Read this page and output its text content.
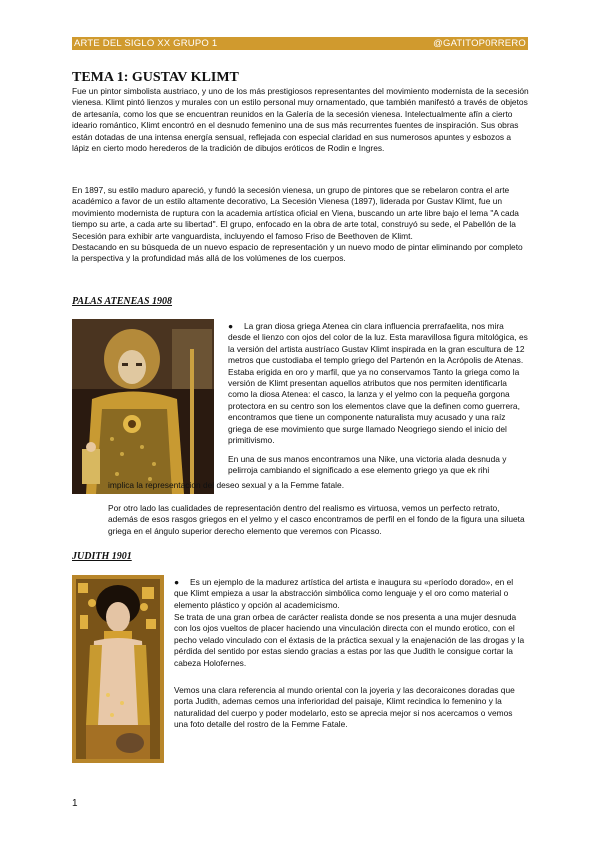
ARTE DEL SIGLO XX GRUPO 1	@GATITOP0RRERO
TEMA 1: GUSTAV KLIMT

Fue un pintor simbolista austriaco, y uno de los más prestigiosos representantes del movimiento modernista de la secesión vienesa. Klimt pintó lienzos y murales con un estilo personal muy ornamentado, que también manifestó a través de objetos de artesanía, como los que se encuentran reunidos en la Galería de la secesión vienesa. Intelectualmente afín a cierto ideario romántico, Klimt encontró en el desnudo femenino una de sus más recurrentes fuentes de inspiración. Sus obras están dotadas de una intensa energía sensual, reflejada con especial claridad en sus numerosos apuntes y esbozos a lápiz en cierto modo herederos de la tradición de dibujos eróticos de Rodin e Ingres.

En 1897, su estilo maduro apareció, y fundó la secesión vienesa, un grupo de pintores que se rebelaron contra el arte académico a favor de un estilo altamente decorativo, La Secesión Vienesa (1897), liderada por Gustav Klimt, fue un movimiento modernista de ruptura con la academia artística oficial en Viena, buscando un arte libre bajo el lema "A cada tiempo su arte, a cada arte su libertad". El grupo, enfocado en la obra de arte total, construyó su sede, el Pabellón de la Secesión para exhibir arte vanguardista, incluyendo el famoso Friso de Beethoven de Klimt.
Destacando en su búsqueda de un nuevo espacio de representación y un nuevo modo de pintar eliminando por completo la perspectiva y la profundidad más allá de los volúmenes de los cuerpos.
PALAS ATENEAS 1908

● La gran diosa griega Atenea cin clara influencia prerrafaelita, nos mira desde el lienzo con ojos del color de la luz. Esta maravillosa figura mitológica, es la versión del artista austríaco Gustav Klimt inspirada en la gran escultura de 12 metros que custodiaba el templo griego del Partenón en la Acrópolis de Atenas. Estaba erigida en oro y marfil, que ya no conservamos Tanto la griega como la versión de Klimt presentan aquellos atributos que nos permiten identificarla como la diosa Atenea: el casco, la lanza y el yelmo con la pequeña gorgona protectora en su centro son los elementos clave que la definen como guerrera, encontramos que tiene un componente naturalista muy acusado y una raíz griega de ese movimiento que surge llamado Neogriego siendo el inicio del primitivismo.

En una de sus manos encontramos una Nike, una victoria alada desnuda y pelirroja cambiando el significado a ese elemento griego ya que ek rihi

implica la representacion del deseo sexual y a la Femme fatale.

Por otro lado las cualidades de representación dentro del realismo es virtuosa, vemos un perfecto retrato, además de esos rasgos griegos en el yelmo y el casco encontramos de perfil en el fondo de la figura una silueta griega en el ángulo superior derecho elemento que veremos con Picasso.

JUDITH 1901

● Es un ejemplo de la madurez artística del artista e inaugura su «período dorado», en el que Klimt empieza a usar la abstracción simbólica como lenguaje y el oro como material o elemento plástico y opción al academicismo.

Se trata de una gran orbea de carácter realista donde se nos presenta a una mujer desnuda con los ojos vueltos de placer haciendo una vinculación directa con el mundo erotico, con el pecho velado vinculado con el éxtasis de la práctica sexual y la enajenación de las drogas y la pérdida del sentido por estas siendo gracias a estas por las que Judith le consigue cortar la cabeza Holofernes.

Vemos una clara referencia al mundo oriental con la joyeria y las decoraicones doradas que porta Judith, ademas cemos una inferioridad del paisaje, Klimt recindica lo femenino y la naturalidad del cuerpo y poder modelarlo, esto se aprecia mejor si nos acercamos o vemos una foto detalle del rostro de la Femme Fatale.

1
